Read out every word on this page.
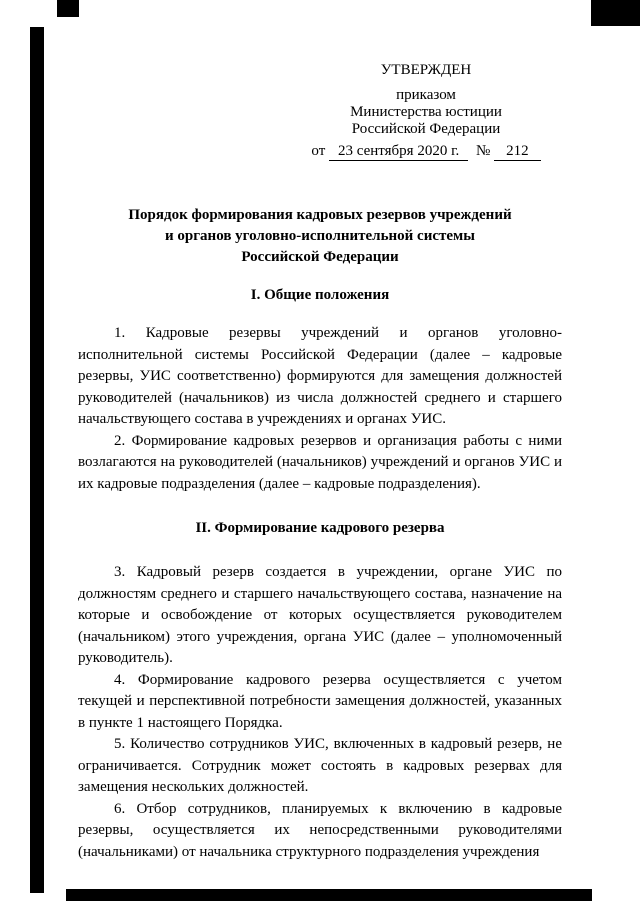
УТВЕРЖДЕН
приказом
Министерства юстиции
Российской Федерации
от 23 сентября 2020 г. № 212
Порядок формирования кадровых резервов учреждений
и органов уголовно-исполнительной системы
Российской Федерации
I. Общие положения

1. Кадровые резервы учреждений и органов уголовно-исполнительной системы Российской Федерации (далее – кадровые резервы, УИС соответственно) формируются для замещения должностей руководителей (начальников) из числа должностей среднего и старшего начальствующего состава в учреждениях и органах УИС.

2. Формирование кадровых резервов и организация работы с ними возлагаются на руководителей (начальников) учреждений и органов УИС и их кадровые подразделения (далее – кадровые подразделения).

II. Формирование кадрового резерва

3. Кадровый резерв создается в учреждении, органе УИС по должностям среднего и старшего начальствующего состава, назначение на которые и освобождение от которых осуществляется руководителем (начальником) этого учреждения, органа УИС (далее – уполномоченный руководитель).

4. Формирование кадрового резерва осуществляется с учетом текущей и перспективной потребности замещения должностей, указанных в пункте 1 настоящего Порядка.

5. Количество сотрудников УИС, включенных в кадровый резерв, не ограничивается. Сотрудник может состоять в кадровых резервах для замещения нескольких должностей.

6. Отбор сотрудников, планируемых к включению в кадровые резервы, осуществляется их непосредственными руководителями (начальниками) от начальника структурного подразделения учреждения
